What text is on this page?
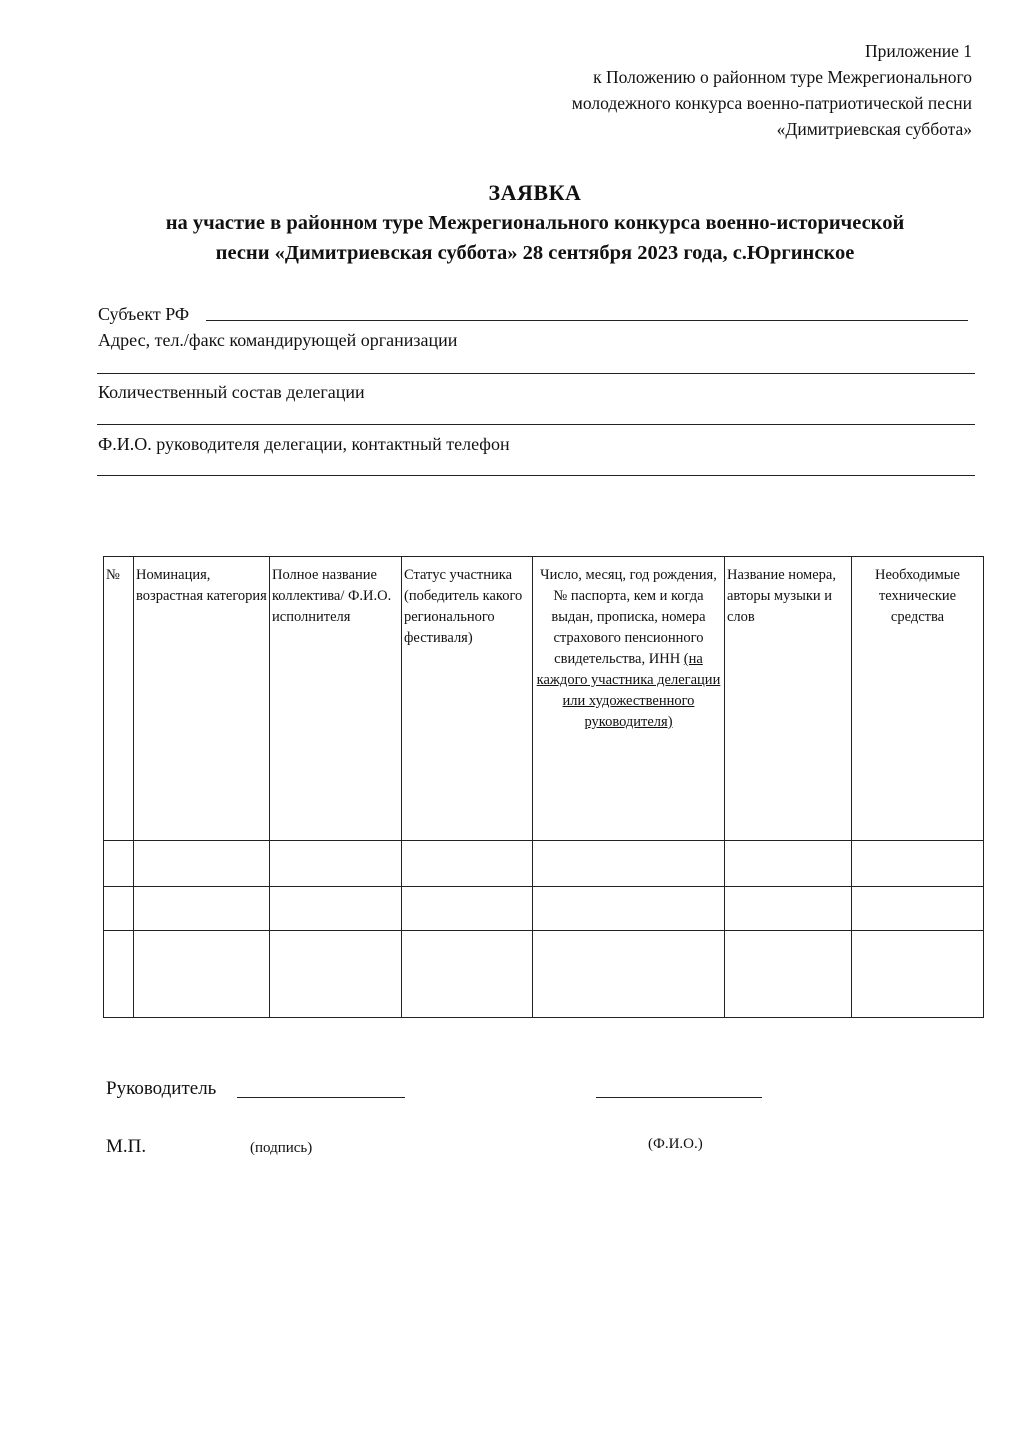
Приложение 1
к Положению о районном туре Межрегионального
молодежного конкурса военно-патриотической песни
«Димитриевская суббота»
ЗАЯВКА
на участие в районном туре Межрегионального конкурса военно-исторической
песни «Димитриевская суббота» 28 сентября 2023 года, с.Юргинское
Субъект РФ
Адрес, тел./факс командирующей организации
Количественный состав делегации
Ф.И.О. руководителя делегации, контактный телефон
№	Номинация, возрастная категория	Полное название коллектива/ Ф.И.О. исполнителя	Статус участника (победитель какого регионального фестиваля)	Число, месяц, год рождения, № паспорта, кем и когда выдан, прописка, номера страхового пенсионного свидетельства, ИНН (на каждого участника делегации или художественного руководителя)	Название номера, авторы музыки и слов	Необходимые технические средства

Руководитель
М.П.	(подпись)	(Ф.И.О.)
